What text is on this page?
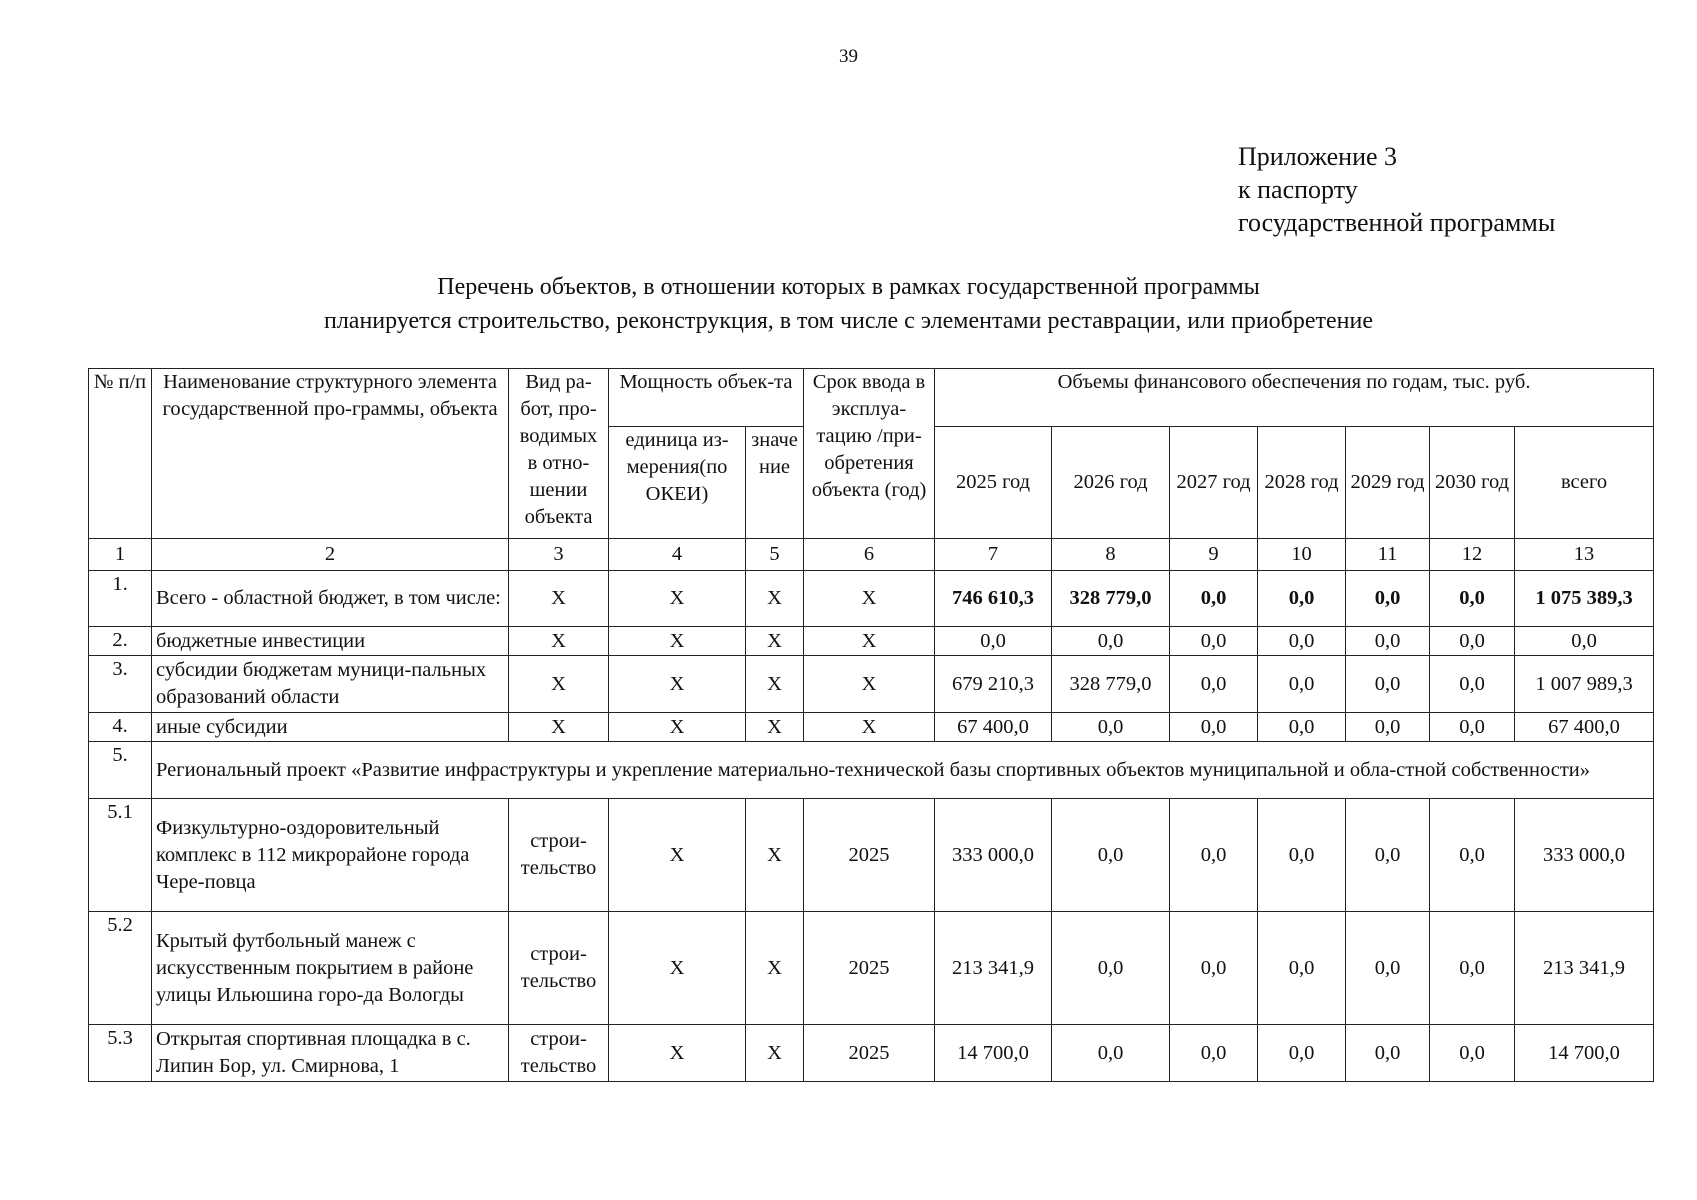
39
Приложение 3
к паспорту
государственной программы
Перечень объектов, в отношении которых в рамках государственной программы
планируется строительство, реконструкция, в том числе с элементами реставрации, или приобретение
№ п/п	Наименование структурного элемента государственной про-граммы, объекта	Вид ра-бот, про-водимых в отно-шении объекта	Мощность объек-та		Срок ввода в эксплуа-тацию /при-обретения объекта (год)	Объемы финансового обеспечения по годам, тыс. руб.						
			единица из-мерения(по ОКЕИ)	значе ние		2025 год	2026 год	2027 год	2028 год	2029 год	2030 год	всего
1	2	3	4	5	6	7	8	9	10	11	12	13
1.	Всего - областной бюджет, в том числе:	X	X	X	X	746 610,3	328 779,0	0,0	0,0	0,0	0,0	1 075 389,3
2.	бюджетные инвестиции	X	X	X	X	0,0	0,0	0,0	0,0	0,0	0,0	0,0
3.	субсидии бюджетам муници-пальных образований области	X	X	X	X	679 210,3	328 779,0	0,0	0,0	0,0	0,0	1 007 989,3
4.	иные субсидии	X	X	X	X	67 400,0	0,0	0,0	0,0	0,0	0,0	67 400,0
5.	Региональный проект «Развитие инфраструктуры и укрепление материально-технической базы спортивных объектов муниципальной и обла-стной собственности»											
5.1	Физкультурно-оздоровительный комплекс в 112 микрорайоне города Чере-повца	строи-тельство	X	X	2025	333 000,0	0,0	0,0	0,0	0,0	0,0	333 000,0
5.2	Крытый футбольный манеж с искусственным покрытием в районе улицы Ильюшина горо-да Вологды	строи-тельство	X	X	2025	213 341,9	0,0	0,0	0,0	0,0	0,0	213 341,9
5.3	Открытая спортивная площадка в с. Липин Бор, ул. Смирнова, 1	строи-тельство	X	X	2025	14 700,0	0,0	0,0	0,0	0,0	0,0	14 700,0
